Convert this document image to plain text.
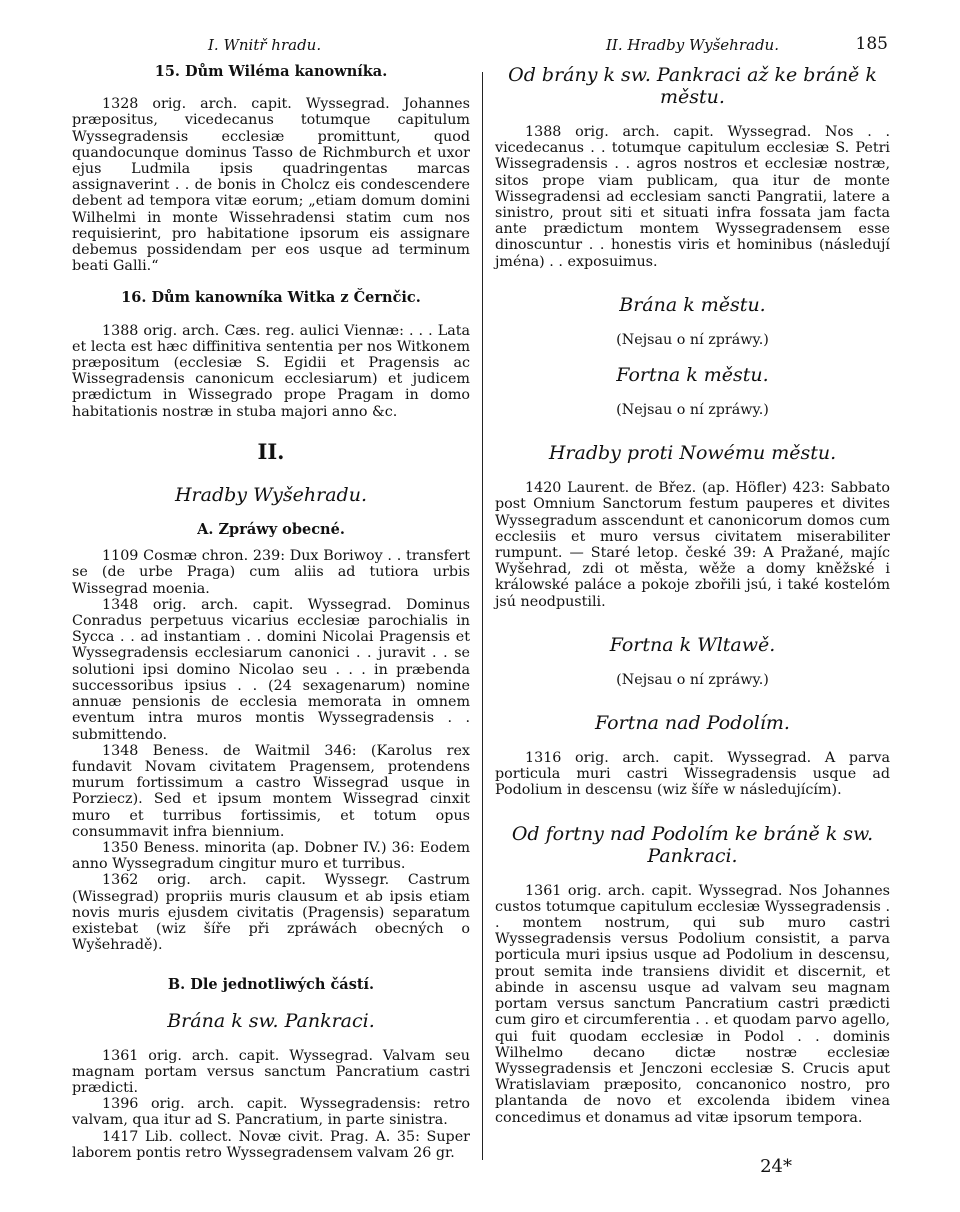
I. Wnitř hradu.	II. Hradby Wyšehradu.	185

15. Dům Wiléma kanowníka.

1328 orig. arch. capit. Wyssegrad. Johannes præpositus, vicedecanus totumque capitulum Wyssegradensis ecclesiæ promittunt, quod quandocunque dominus Tasso de Richmburch et uxor ejus Ludmila ipsis quadringentas marcas assignaverint . . de bonis in Cholcz eis condescendere debent ad tempora vitæ eorum; „etiam domum domini Wilhelmi in monte Wissehradensi statim cum nos requisierint, pro habitatione ipsorum eis assignare debemus possidendam per eos usque ad terminum beati Galli.“

16. Dům kanowníka Witka z Černčic.

1388 orig. arch. Cæs. reg. aulici Viennæ: . . . Lata et lecta est hæc diffinitiva sententia per nos Witkonem præpositum (ecclesiæ S. Egidii et Pragensis ac Wissegradensis canonicum ecclesiarum) et judicem prædictum in Wissegrado prope Pragam in domo habitationis nostræ in stuba majori anno &c.

II.

Hradby Wyšehradu.

A. Zpráwy obecné.

1109 Cosmæ chron. 239: Dux Boriwoy . . transfert se (de urbe Praga) cum aliis ad tutiora urbis Wissegrad moenia.

1348 orig. arch. capit. Wyssegrad. Dominus Conradus perpetuus vicarius ecclesiæ parochialis in Sycca . . ad instantiam . . domini Nicolai Pragensis et Wyssegradensis ecclesiarum canonici . . juravit . . se solutioni ipsi domino Nicolao seu . . . in præbenda successoribus ipsius . . (24 sexagenarum) nomine annuæ pensionis de ecclesia memorata in omnem eventum intra muros montis Wyssegradensis . . submittendo.

1348 Beness. de Waitmil 346: (Karolus rex fundavit Novam civitatem Pragensem, protendens murum fortissimum a castro Wissegrad usque in Porziecz). Sed et ipsum montem Wissegrad cinxit muro et turribus fortissimis, et totum opus consummavit infra biennium.

1350 Beness. minorita (ap. Dobner IV.) 36: Eodem anno Wyssegradum cingitur muro et turribus.

1362 orig. arch. capit. Wyssegr. Castrum (Wissegrad) propriis muris clausum et ab ipsis etiam novis muris ejusdem civitatis (Pragensis) separatum existebat (wiz šíře při zpráwách obecných o Wyšehradě).

B. Dle jednotliwých částí.

Brána k sw. Pankraci.

1361 orig. arch. capit. Wyssegrad. Valvam seu magnam portam versus sanctum Pancratium castri prædicti.

1396 orig. arch. capit. Wyssegradensis: retro valvam, qua itur ad S. Pancratium, in parte sinistra.

1417 Lib. collect. Novæ civit. Prag. A. 35: Super laborem pontis retro Wyssegradensem valvam 26 gr.

Od brány k sw. Pankraci až ke bráně k městu.

1388 orig. arch. capit. Wyssegrad. Nos . . vicedecanus . . totumque capitulum ecclesiæ S. Petri Wissegradensis . . agros nostros et ecclesiæ nostræ, sitos prope viam publicam, qua itur de monte Wissegradensi ad ecclesiam sancti Pangratii, latere a sinistro, prout siti et situati infra fossata jam facta ante prædictum montem Wyssegradensem esse dinoscuntur . . honestis viris et hominibus (následují jména) . . exposuimus.

Brána k městu.

(Nejsau o ní zpráwy.)

Fortna k městu.

(Nejsau o ní zpráwy.)

Hradby proti Nowému městu.

1420 Laurent. de Břez. (ap. Höfler) 423: Sabbato post Omnium Sanctorum festum pauperes et divites Wyssegradum asscendunt et canonicorum domos cum ecclesiis et muro versus civitatem miserabiliter rumpunt. — Staré letop. české 39: A Pražané, majíc Wyšehrad, zdi ot města, wěže a domy kněžské i králowské paláce a pokoje zbořili jsú, i také kostelóm jsú neodpustili.

Fortna k Wltawě.

(Nejsau o ní zpráwy.)

Fortna nad Podolím.

1316 orig. arch. capit. Wyssegrad. A parva porticula muri castri Wissegradensis usque ad Podolium in descensu (wiz šíře w následujícím).

Od fortny nad Podolím ke bráně k sw. Pankraci.

1361 orig. arch. capit. Wyssegrad. Nos Johannes custos totumque capitulum ecclesiæ Wyssegradensis . . montem nostrum, qui sub muro castri Wyssegradensis versus Podolium consistit, a parva porticula muri ipsius usque ad Podolium in descensu, prout semita inde transiens dividit et discernit, et abinde in ascensu usque ad valvam seu magnam portam versus sanctum Pancratium castri prædicti cum giro et circumferentia . . et quodam parvo agello, qui fuit quodam ecclesiæ in Podol . . dominis Wilhelmo decano dictæ nostræ ecclesiæ Wyssegradensis et Jenczoni ecclesiæ S. Crucis aput Wratislaviam præposito, concanonico nostro, pro plantanda de novo et excolenda ibidem vinea concedimus et donamus ad vitæ ipsorum tempora.

24*
